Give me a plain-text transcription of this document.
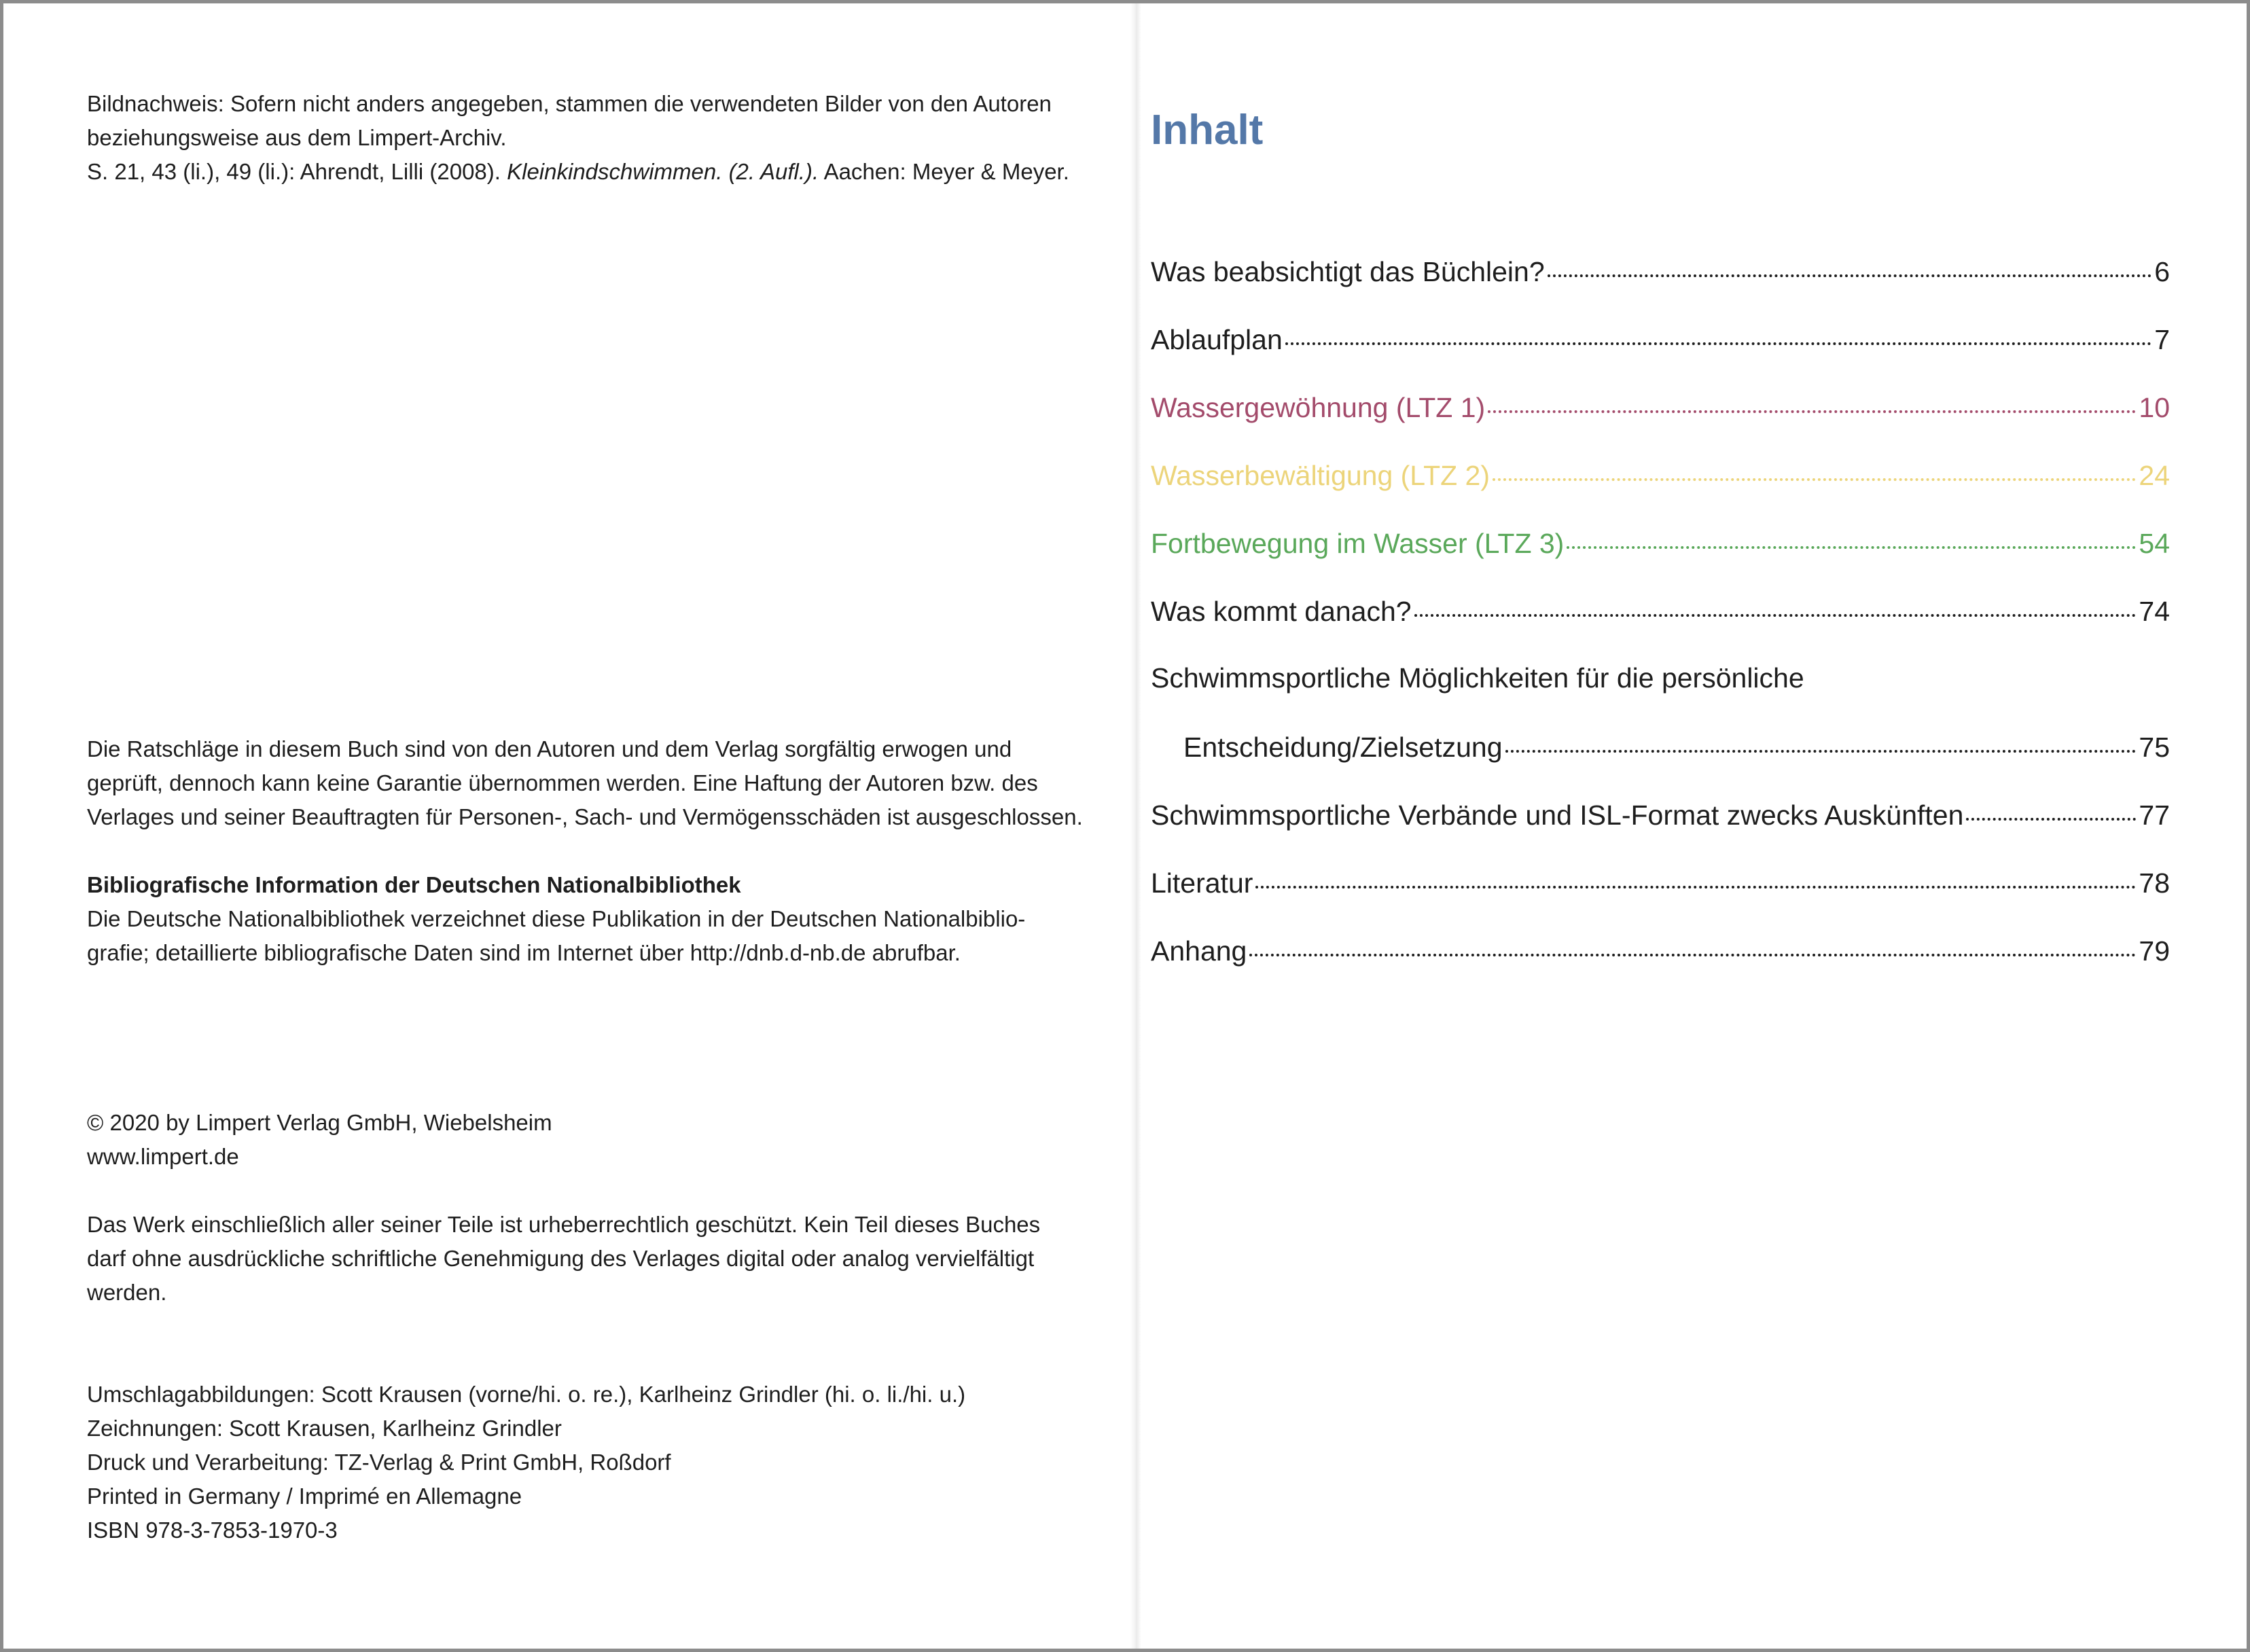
Bildnachweis: Sofern nicht anders angegeben, stammen die verwendeten Bilder von den Autoren

beziehungsweise aus dem Limpert-Archiv.

S. 21, 43 (li.), 49 (li.): Ahrendt, Lilli (2008). Kleinkindschwimmen. (2. Aufl.). Aachen: Meyer & Meyer.

Die Ratschläge in diesem Buch sind von den Autoren und dem Verlag sorgfältig erwogen und

geprüft, dennoch kann keine Garantie übernommen werden. Eine Haftung der Autoren bzw. des

Verlages und seiner Beauftragten für Personen-, Sach- und Vermögensschäden ist ausgeschlossen.

Bibliografische Information der Deutschen Nationalbibliothek

Die Deutsche Nationalbibliothek verzeichnet diese Publikation in der Deutschen Nationalbiblio-

grafie; detaillierte bibliografische Daten sind im Internet über http://dnb.d-nb.de abrufbar.

© 2020 by Limpert Verlag GmbH, Wiebelsheim

www.limpert.de

Das Werk einschließlich aller seiner Teile ist urheberrechtlich geschützt. Kein Teil dieses Buches

darf ohne ausdrückliche schriftliche Genehmigung des Verlages digital oder analog vervielfältigt

werden.

Umschlagabbildungen: Scott Krausen (vorne/hi. o. re.), Karlheinz Grindler (hi. o. li./hi. u.)

Zeichnungen: Scott Krausen, Karlheinz Grindler

Druck und Verarbeitung: TZ-Verlag & Print GmbH, Roßdorf

Printed in Germany / Imprimé en Allemagne

ISBN 978-3-7853-1970-3

Inhalt
Was beabsichtigt das Büchlein?	6
Ablaufplan	7
Wassergewöhnung (LTZ 1)	10
Wasserbewältigung (LTZ 2)	24
Fortbewegung im Wasser (LTZ 3)	54
Was kommt danach?	74

Schwimmsportliche Möglichkeiten für die persönliche

Entscheidung/Zielsetzung	75
Schwimmsportliche Verbände und ISL-Format zwecks Auskünften	77
Literatur	78
Anhang	79
